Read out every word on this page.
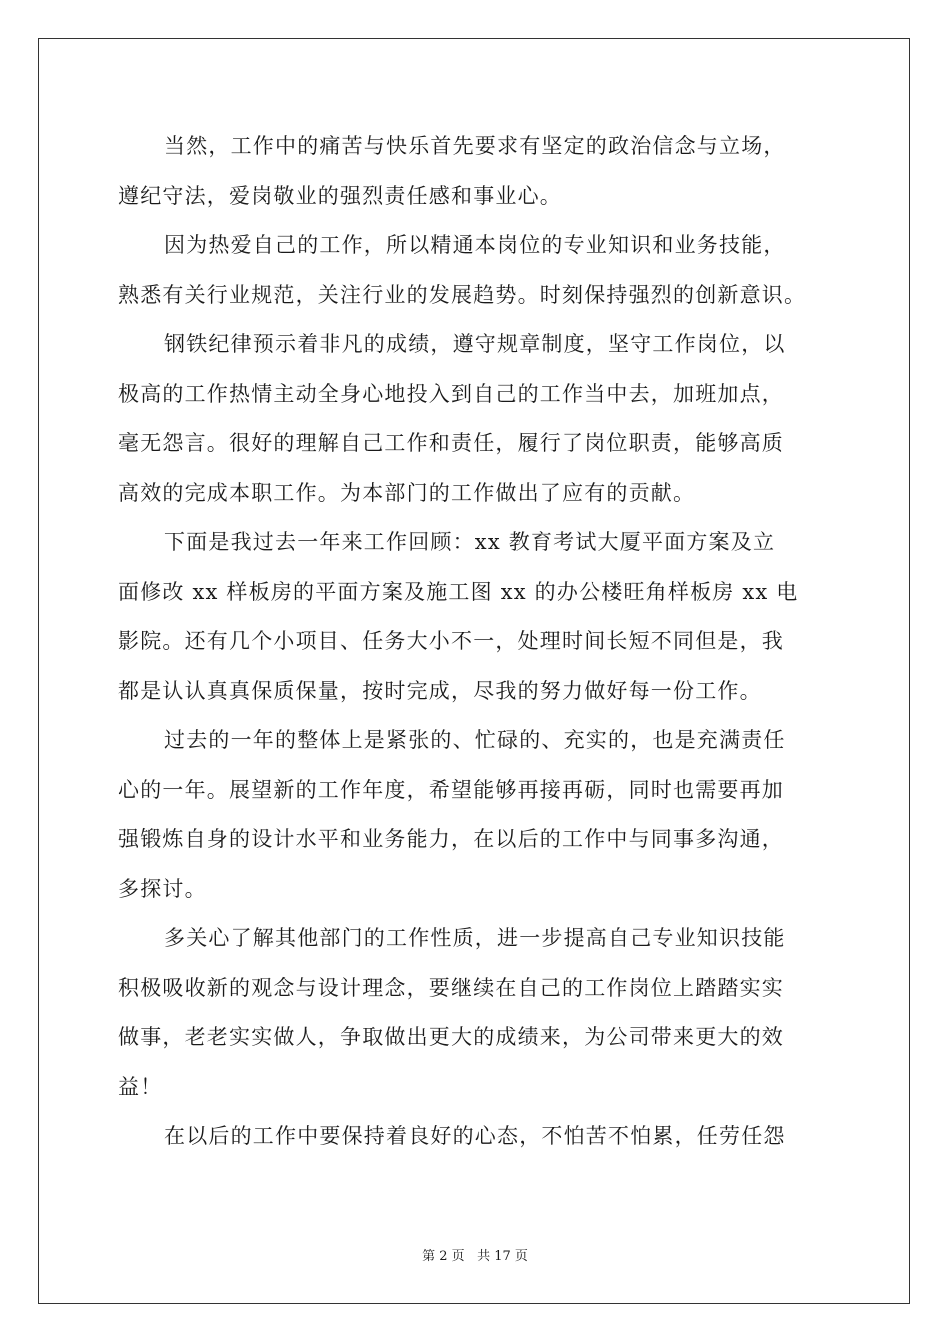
当然，工作中的痛苦与快乐首先要求有坚定的政治信念与立场，
遵纪守法，爱岗敬业的强烈责任感和事业心。
因为热爱自己的工作，所以精通本岗位的专业知识和业务技能，
熟悉有关行业规范，关注行业的发展趋势。时刻保持强烈的创新意识。
钢铁纪律预示着非凡的成绩，遵守规章制度，坚守工作岗位，以
极高的工作热情主动全身心地投入到自己的工作当中去，加班加点，
毫无怨言。很好的理解自己工作和责任，履行了岗位职责，能够高质
高效的完成本职工作。为本部门的工作做出了应有的贡献。
下面是我过去一年来工作回顾：xx 教育考试大厦平面方案及立
面修改 xx 样板房的平面方案及施工图 xx 的办公楼旺角样板房 xx 电
影院。还有几个小项目、任务大小不一，处理时间长短不同但是，我
都是认认真真保质保量，按时完成，尽我的努力做好每一份工作。
过去的一年的整体上是紧张的、忙碌的、充实的，也是充满责任
心的一年。展望新的工作年度，希望能够再接再砺，同时也需要再加
强锻炼自身的设计水平和业务能力，在以后的工作中与同事多沟通，
多探讨。
多关心了解其他部门的工作性质，进一步提高自己专业知识技能
积极吸收新的观念与设计理念，要继续在自己的工作岗位上踏踏实实
做事，老老实实做人，争取做出更大的成绩来，为公司带来更大的效
益！
在以后的工作中要保持着良好的心态，不怕苦不怕累，任劳任怨
第 2 页 共 17 页
